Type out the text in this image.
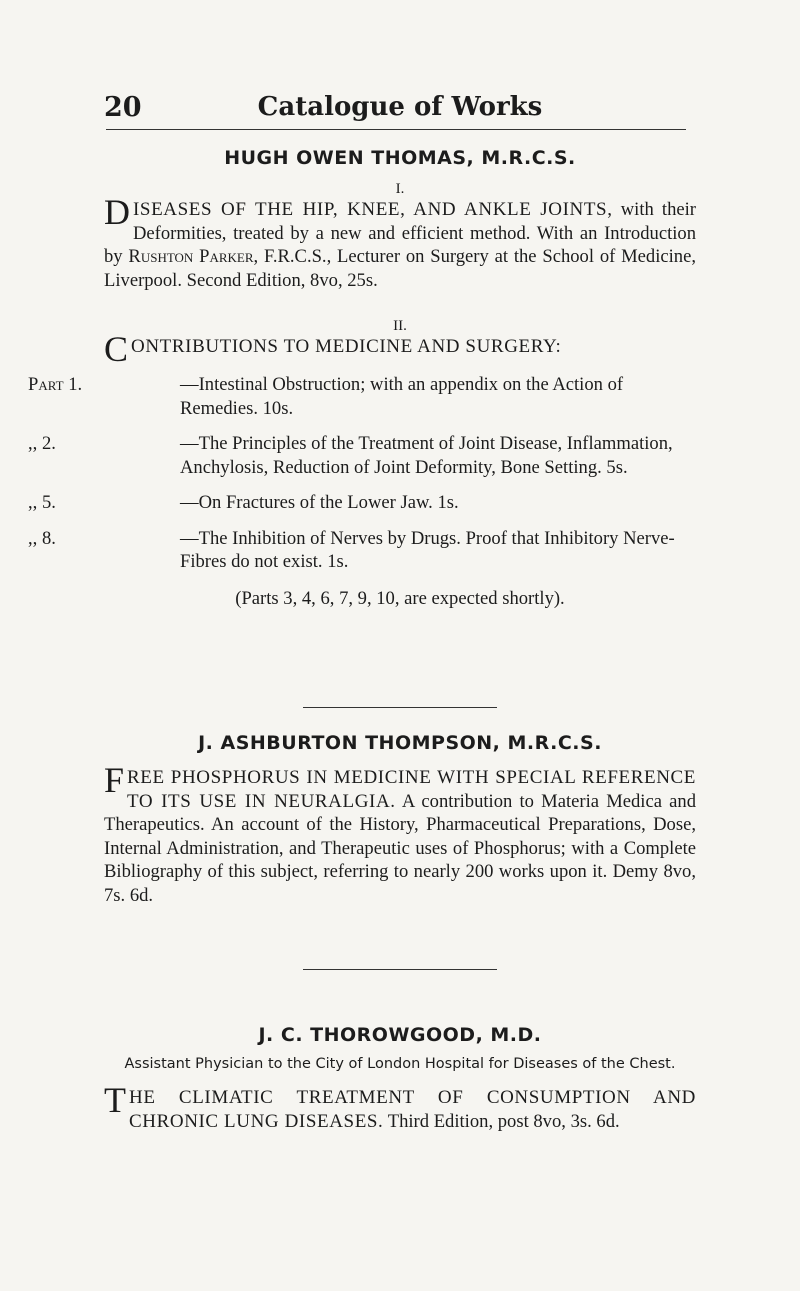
20	Catalogue of Works
HUGH OWEN THOMAS, M.R.C.S.
I.
DISEASES OF THE HIP, KNEE, AND ANKLE JOINTS, with their Deformities, treated by a new and efficient method. With an Introduction by Rushton Parker, F.R.C.S., Lecturer on Surgery at the School of Medicine, Liverpool. Second Edition, 8vo, 25s.
II.
CONTRIBUTIONS TO MEDICINE AND SURGERY:
Part 1.	—Intestinal Obstruction; with an appendix on the Action of Remedies. 10s.
,, 2.	—The Principles of the Treatment of Joint Disease, Inflammation, Anchylosis, Reduction of Joint Deformity, Bone Setting. 5s.
,, 5.	—On Fractures of the Lower Jaw. 1s.
,, 8.	—The Inhibition of Nerves by Drugs. Proof that Inhibitory Nerve-Fibres do not exist. 1s.
(Parts 3, 4, 6, 7, 9, 10, are expected shortly).
J. ASHBURTON THOMPSON, M.R.C.S.
FREE PHOSPHORUS IN MEDICINE WITH SPECIAL REFERENCE TO ITS USE IN NEURALGIA. A contribution to Materia Medica and Therapeutics. An account of the History, Pharmaceutical Preparations, Dose, Internal Administration, and Therapeutic uses of Phosphorus; with a Complete Bibliography of this subject, referring to nearly 200 works upon it. Demy 8vo, 7s. 6d.
J. C. THOROWGOOD, M.D.
Assistant Physician to the City of London Hospital for Diseases of the Chest.
THE CLIMATIC TREATMENT OF CONSUMPTION AND CHRONIC LUNG DISEASES. Third Edition, post 8vo, 3s. 6d.
